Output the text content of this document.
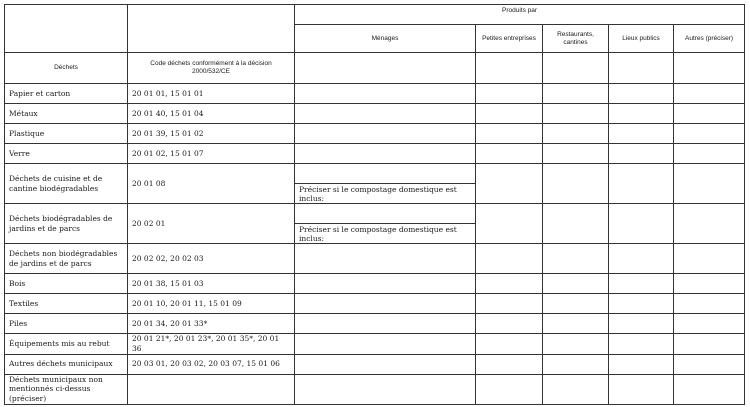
		Produits par				
		Ménages	Petites entreprises	Restaurants, cantines	Lieux publics	Autres (préciser)
Déchets	Code déchets conformément à la décision 2000/532/CE					
Papier et carton	20 01 01, 15 01 01					
Métaux	20 01 40, 15 01 04					
Plastique	20 01 39, 15 01 02					
Verre	20 01 02, 15 01 07					
Déchets de cuisine et de cantine biodégradables	20 01 08					
		Préciser si le compostage domestique est inclus:				
Déchets biodégradables de jardins et de parcs	20 02 01					
		Préciser si le compostage domestique est inclus:				
Déchets non biodégradables de jardins et de parcs	20 02 02, 20 02 03					
Bois	20 01 38, 15 01 03					
Textiles	20 01 10, 20 01 11, 15 01 09					
Piles	20 01 34, 20 01 33*					
Équipements mis au rebut	20 01 21*, 20 01 23*, 20 01 35*, 20 01 36					
Autres déchets municipaux	20 03 01, 20 03 02, 20 03 07, 15 01 06					
Déchets municipaux non mentionnés ci-dessus (préciser)						
